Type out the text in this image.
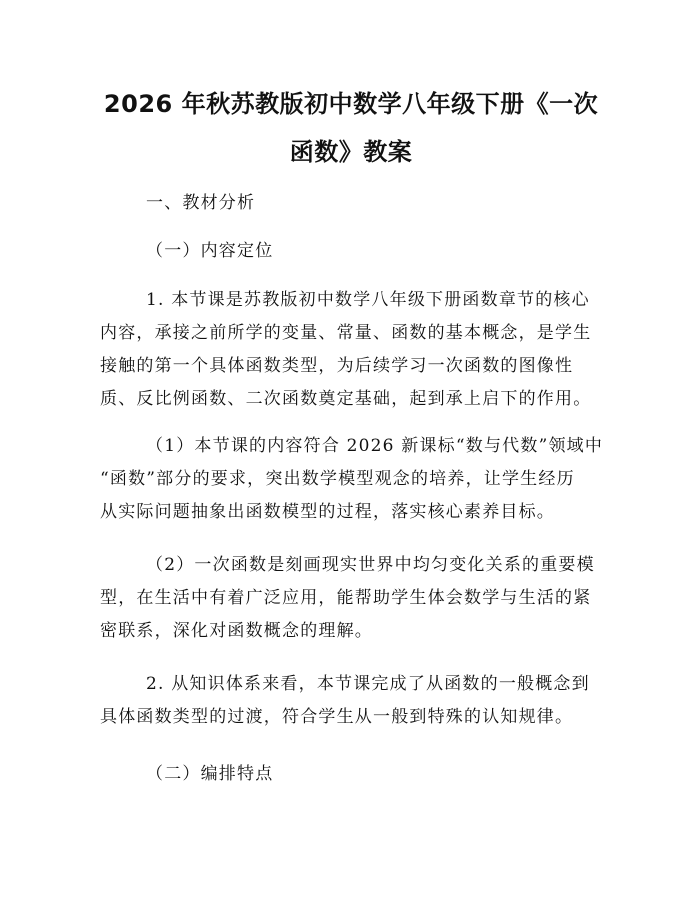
2026 年秋苏教版初中数学八年级下册《一次
函数》教案
一、教材分析
（一）内容定位
1. 本节课是苏教版初中数学八年级下册函数章节的核心
内容，承接之前所学的变量、常量、函数的基本概念，是学生
接触的第一个具体函数类型，为后续学习一次函数的图像性
质、反比例函数、二次函数奠定基础，起到承上启下的作用。
（1）本节课的内容符合 2026 新课标“数与代数”领域中
“函数”部分的要求，突出数学模型观念的培养，让学生经历
从实际问题抽象出函数模型的过程，落实核心素养目标。
（2）一次函数是刻画现实世界中均匀变化关系的重要模
型，在生活中有着广泛应用，能帮助学生体会数学与生活的紧
密联系，深化对函数概念的理解。
2. 从知识体系来看，本节课完成了从函数的一般概念到
具体函数类型的过渡，符合学生从一般到特殊的认知规律。
（二）编排特点
